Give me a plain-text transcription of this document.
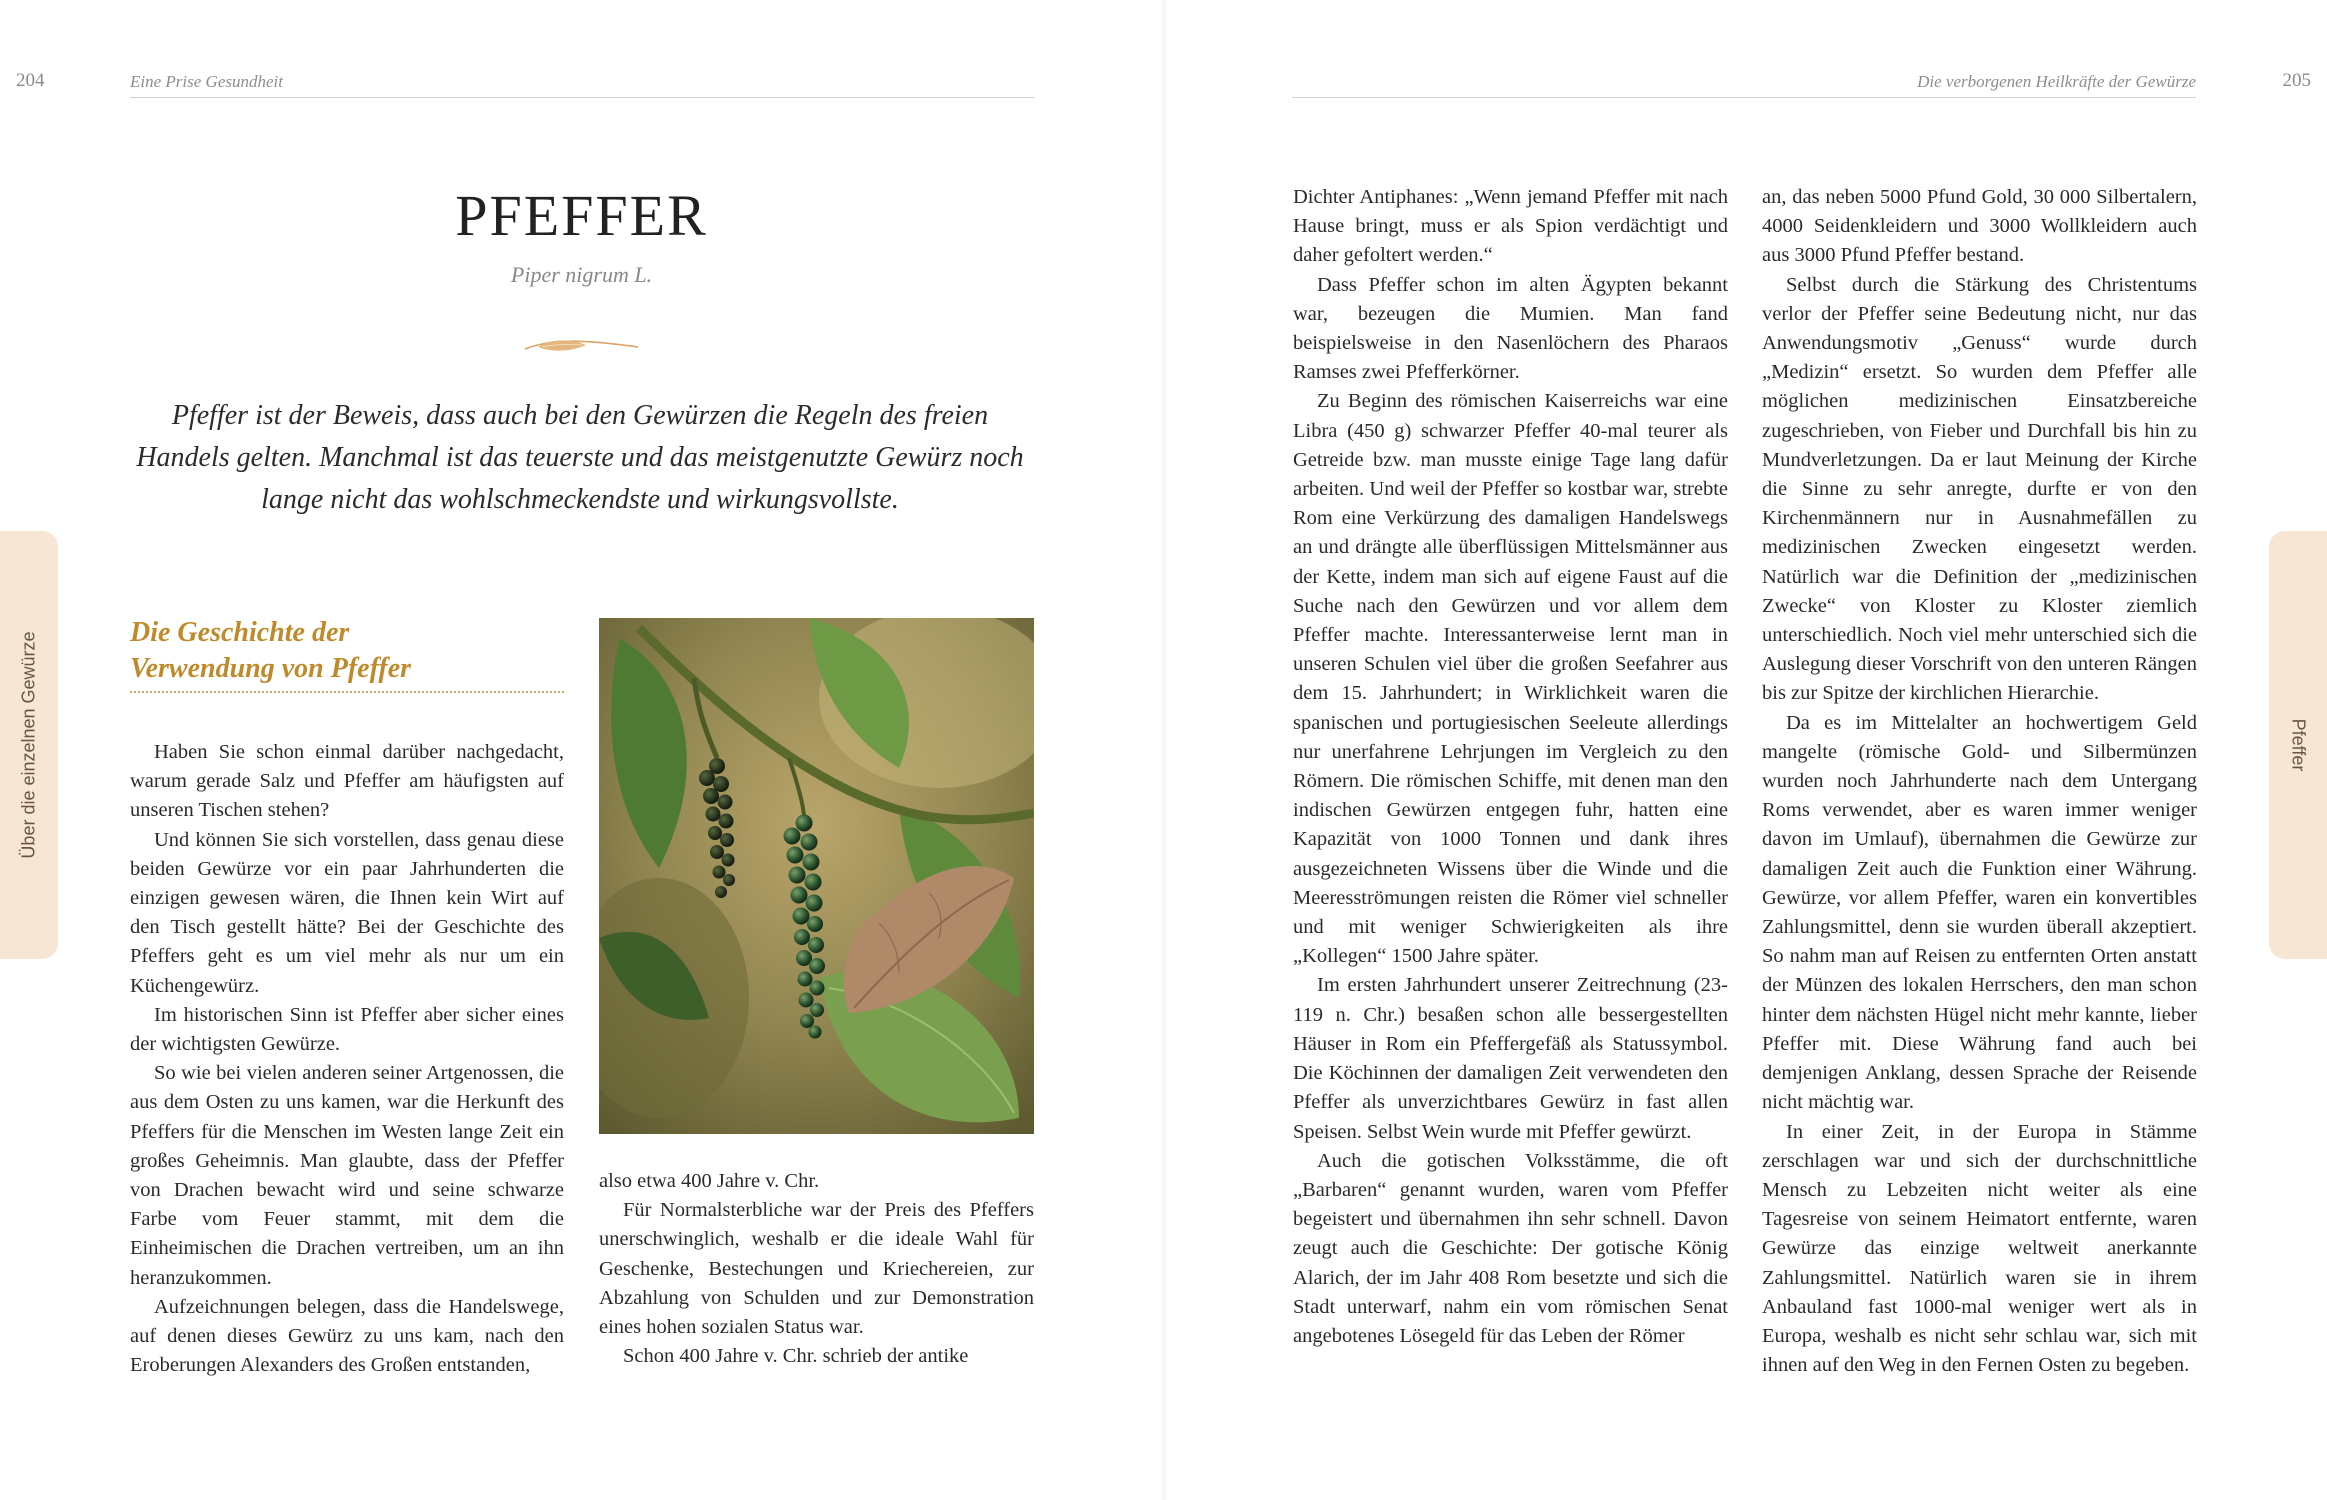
204	Eine Prise Gesundheit
Über die einzelnen Gewürze
PFEFFER
Piper nigrum L.
Pfeffer ist der Beweis, dass auch bei den Gewürzen die Regeln des freien Handels gelten. Manchmal ist das teuerste und das meistgenutzte Gewürz noch lange nicht das wohlschmeckendste und wirkungsvollste.
Die Geschichte der
Verwendung von Pfeffer

Haben Sie schon einmal darüber nachgedacht, warum gerade Salz und Pfeffer am häufigsten auf unseren Tischen stehen?

Und können Sie sich vorstellen, dass genau diese beiden Gewürze vor ein paar Jahrhunderten die einzigen gewesen wären, die Ihnen kein Wirt auf den Tisch gestellt hätte? Bei der Geschichte des Pfeffers geht es um viel mehr als nur um ein Küchengewürz.

Im historischen Sinn ist Pfeffer aber sicher eines der wichtigsten Gewürze.

So wie bei vielen anderen seiner Artgenossen, die aus dem Osten zu uns kamen, war die Herkunft des Pfeffers für die Menschen im Westen lange Zeit ein großes Geheimnis. Man glaubte, dass der Pfeffer von Drachen bewacht wird und seine schwarze Farbe vom Feuer stammt, mit dem die Einheimischen die Drachen vertreiben, um an ihn heranzukommen.

Aufzeichnungen belegen, dass die Handelswege, auf denen dieses Gewürz zu uns kam, nach den Eroberungen Alexanders des Großen entstanden,

also etwa 400 Jahre v. Chr.

Für Normalsterbliche war der Preis des Pfeffers unerschwinglich, weshalb er die ideale Wahl für Geschenke, Bestechungen und Kriechereien, zur Abzahlung von Schulden und zur Demonstration eines hohen sozialen Status war.

Schon 400 Jahre v. Chr. schrieb der antike

Die verborgenen Heilkräfte der Gewürze	205
Pfeffer

Dichter Antiphanes: „Wenn jemand Pfeffer mit nach Hause bringt, muss er als Spion verdächtigt und daher gefoltert werden.“

Dass Pfeffer schon im alten Ägypten bekannt war, bezeugen die Mumien. Man fand beispielsweise in den Nasenlöchern des Pharaos Ramses zwei Pfefferkörner.

Zu Beginn des römischen Kaiserreichs war eine Libra (450 g) schwarzer Pfeffer 40-mal teurer als Getreide bzw. man musste einige Tage lang dafür arbeiten. Und weil der Pfeffer so kostbar war, strebte Rom eine Verkürzung des damaligen Handelswegs an und drängte alle überflüssigen Mittelsmänner aus der Kette, indem man sich auf eigene Faust auf die Suche nach den Gewürzen und vor allem dem Pfeffer machte. Interessanterweise lernt man in unseren Schulen viel über die großen Seefahrer aus dem 15. Jahrhundert; in Wirklichkeit waren die spanischen und portugiesischen Seeleute allerdings nur unerfahrene Lehrjungen im Vergleich zu den Römern. Die römischen Schiffe, mit denen man den indischen Gewürzen entgegen fuhr, hatten eine Kapazität von 1000 Tonnen und dank ihres ausgezeichneten Wissens über die Winde und die Meeresströmungen reisten die Römer viel schneller und mit weniger Schwierigkeiten als ihre „Kollegen“ 1500 Jahre später.

Im ersten Jahrhundert unserer Zeitrechnung (23-119 n. Chr.) besaßen schon alle bessergestellten Häuser in Rom ein Pfeffergefäß als Statussymbol. Die Köchinnen der damaligen Zeit verwendeten den Pfeffer als unverzichtbares Gewürz in fast allen Speisen. Selbst Wein wurde mit Pfeffer gewürzt.

Auch die gotischen Volksstämme, die oft „Barbaren“ genannt wurden, waren vom Pfeffer begeistert und übernahmen ihn sehr schnell. Davon zeugt auch die Geschichte: Der gotische König Alarich, der im Jahr 408 Rom besetzte und sich die Stadt unterwarf, nahm ein vom römischen Senat angebotenes Lösegeld für das Leben der Römer

an, das neben 5000 Pfund Gold, 30 000 Silbertalern, 4000 Seidenkleidern und 3000 Wollkleidern auch aus 3000 Pfund Pfeffer bestand.

Selbst durch die Stärkung des Christentums verlor der Pfeffer seine Bedeutung nicht, nur das Anwendungsmotiv „Genuss“ wurde durch „Medizin“ ersetzt. So wurden dem Pfeffer alle möglichen medizinischen Einsatzbereiche zugeschrieben, von Fieber und Durchfall bis hin zu Mundverletzungen. Da er laut Meinung der Kirche die Sinne zu sehr anregte, durfte er von den Kirchenmännern nur in Ausnahmefällen zu medizinischen Zwecken eingesetzt werden. Natürlich war die Definition der „medizinischen Zwecke“ von Kloster zu Kloster ziemlich unterschiedlich. Noch viel mehr unterschied sich die Auslegung dieser Vorschrift von den unteren Rängen bis zur Spitze der kirchlichen Hierarchie.

Da es im Mittelalter an hochwertigem Geld mangelte (römische Gold- und Silbermünzen wurden noch Jahrhunderte nach dem Untergang Roms verwendet, aber es waren immer weniger davon im Umlauf), übernahmen die Gewürze zur damaligen Zeit auch die Funktion einer Währung. Gewürze, vor allem Pfeffer, waren ein konvertibles Zahlungsmittel, denn sie wurden überall akzeptiert. So nahm man auf Reisen zu entfernten Orten anstatt der Münzen des lokalen Herrschers, den man schon hinter dem nächsten Hügel nicht mehr kannte, lieber Pfeffer mit. Diese Währung fand auch bei demjenigen Anklang, dessen Sprache der Reisende nicht mächtig war.

In einer Zeit, in der Europa in Stämme zerschlagen war und sich der durchschnittliche Mensch zu Lebzeiten nicht weiter als eine Tagesreise von seinem Heimatort entfernte, waren Gewürze das einzige weltweit anerkannte Zahlungsmittel. Natürlich waren sie in ihrem Anbauland fast 1000-mal weniger wert als in Europa, weshalb es nicht sehr schlau war, sich mit ihnen auf den Weg in den Fernen Osten zu begeben.
